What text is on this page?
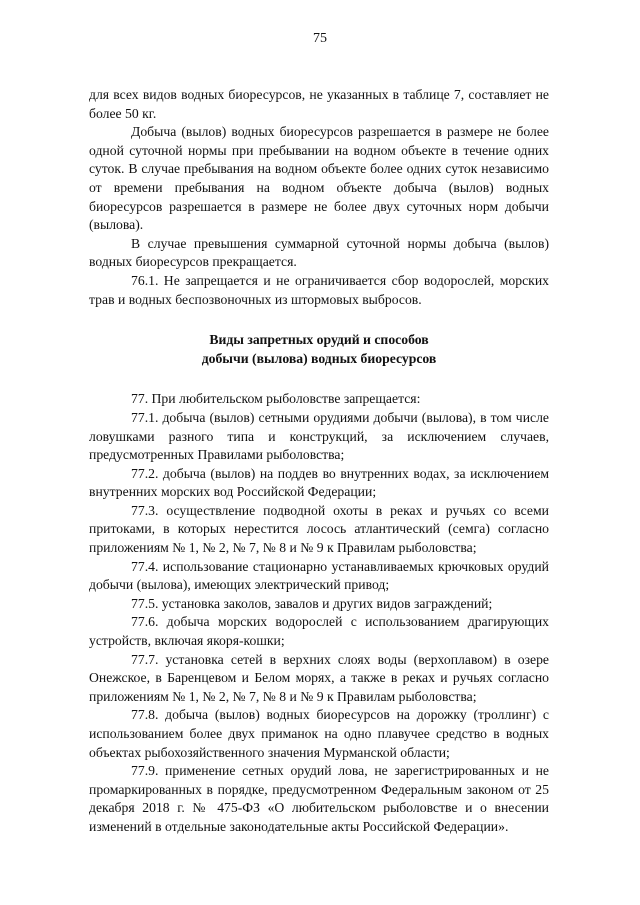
75

для всех видов водных биоресурсов, не указанных в таблице 7, составляет не более 50 кг.

Добыча (вылов) водных биоресурсов разрешается в размере не более одной суточной нормы при пребывании на водном объекте в течение одних суток. В случае пребывания на водном объекте более одних суток независимо от времени пребывания на водном объекте добыча (вылов) водных биоресурсов разрешается в размере не более двух суточных норм добычи (вылова).

В случае превышения суммарной суточной нормы добыча (вылов) водных биоресурсов прекращается.

76.1. Не запрещается и не ограничивается сбор водорослей, морских трав и водных беспозвоночных из штормовых выбросов.

Виды запретных орудий и способов
добычи (вылова) водных биоресурсов

77. При любительском рыболовстве запрещается:

77.1. добыча (вылов) сетными орудиями добычи (вылова), в том числе ловушками разного типа и конструкций, за исключением случаев, предусмотренных Правилами рыболовства;

77.2. добыча (вылов) на поддев во внутренних водах, за исключением внутренних морских вод Российской Федерации;

77.3. осуществление подводной охоты в реках и ручьях со всеми притоками, в которых нерестится лосось атлантический (семга) согласно приложениям № 1, № 2, № 7, № 8 и № 9 к Правилам рыболовства;

77.4. использование стационарно устанавливаемых крючковых орудий добычи (вылова), имеющих электрический привод;

77.5. установка заколов, завалов и других видов заграждений;

77.6. добыча морских водорослей с использованием драгирующих устройств, включая якоря-кошки;

77.7. установка сетей в верхних слоях воды (верхоплавом) в озере Онежское, в Баренцевом и Белом морях, а также в реках и ручьях согласно приложениям № 1, № 2, № 7, № 8 и № 9 к Правилам рыболовства;

77.8. добыча (вылов) водных биоресурсов на дорожку (троллинг) с использованием более двух приманок на одно плавучее средство в водных объектах рыбохозяйственного значения Мурманской области;

77.9. применение сетных орудий лова, не зарегистрированных и не промаркированных в порядке, предусмотренном Федеральным законом от 25 декабря 2018 г. № 475-ФЗ «О любительском рыболовстве и о внесении изменений в отдельные законодательные акты Российской Федерации».
